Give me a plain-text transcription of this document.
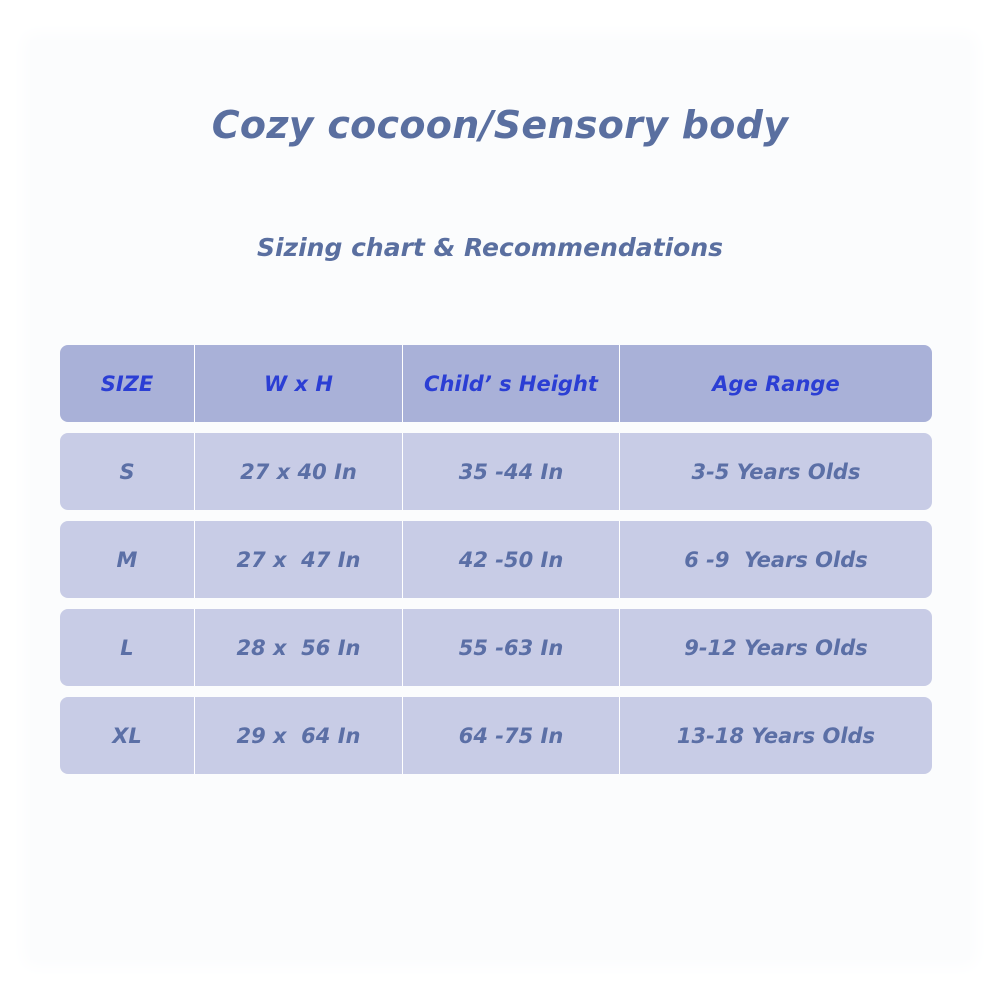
Cozy cocoon/Sensory body
Sizing chart & Recommendations
SIZE	W x H	Child’ s Height	Age Range
S	27 x 40 In	35 -44 In	3-5 Years Olds
M	27 x  47 In	42 -50 In	6 -9  Years Olds
L	28 x  56 In	55 -63 In	9-12 Years Olds
XL	29 x  64 In	64 -75 In	13-18 Years Olds
